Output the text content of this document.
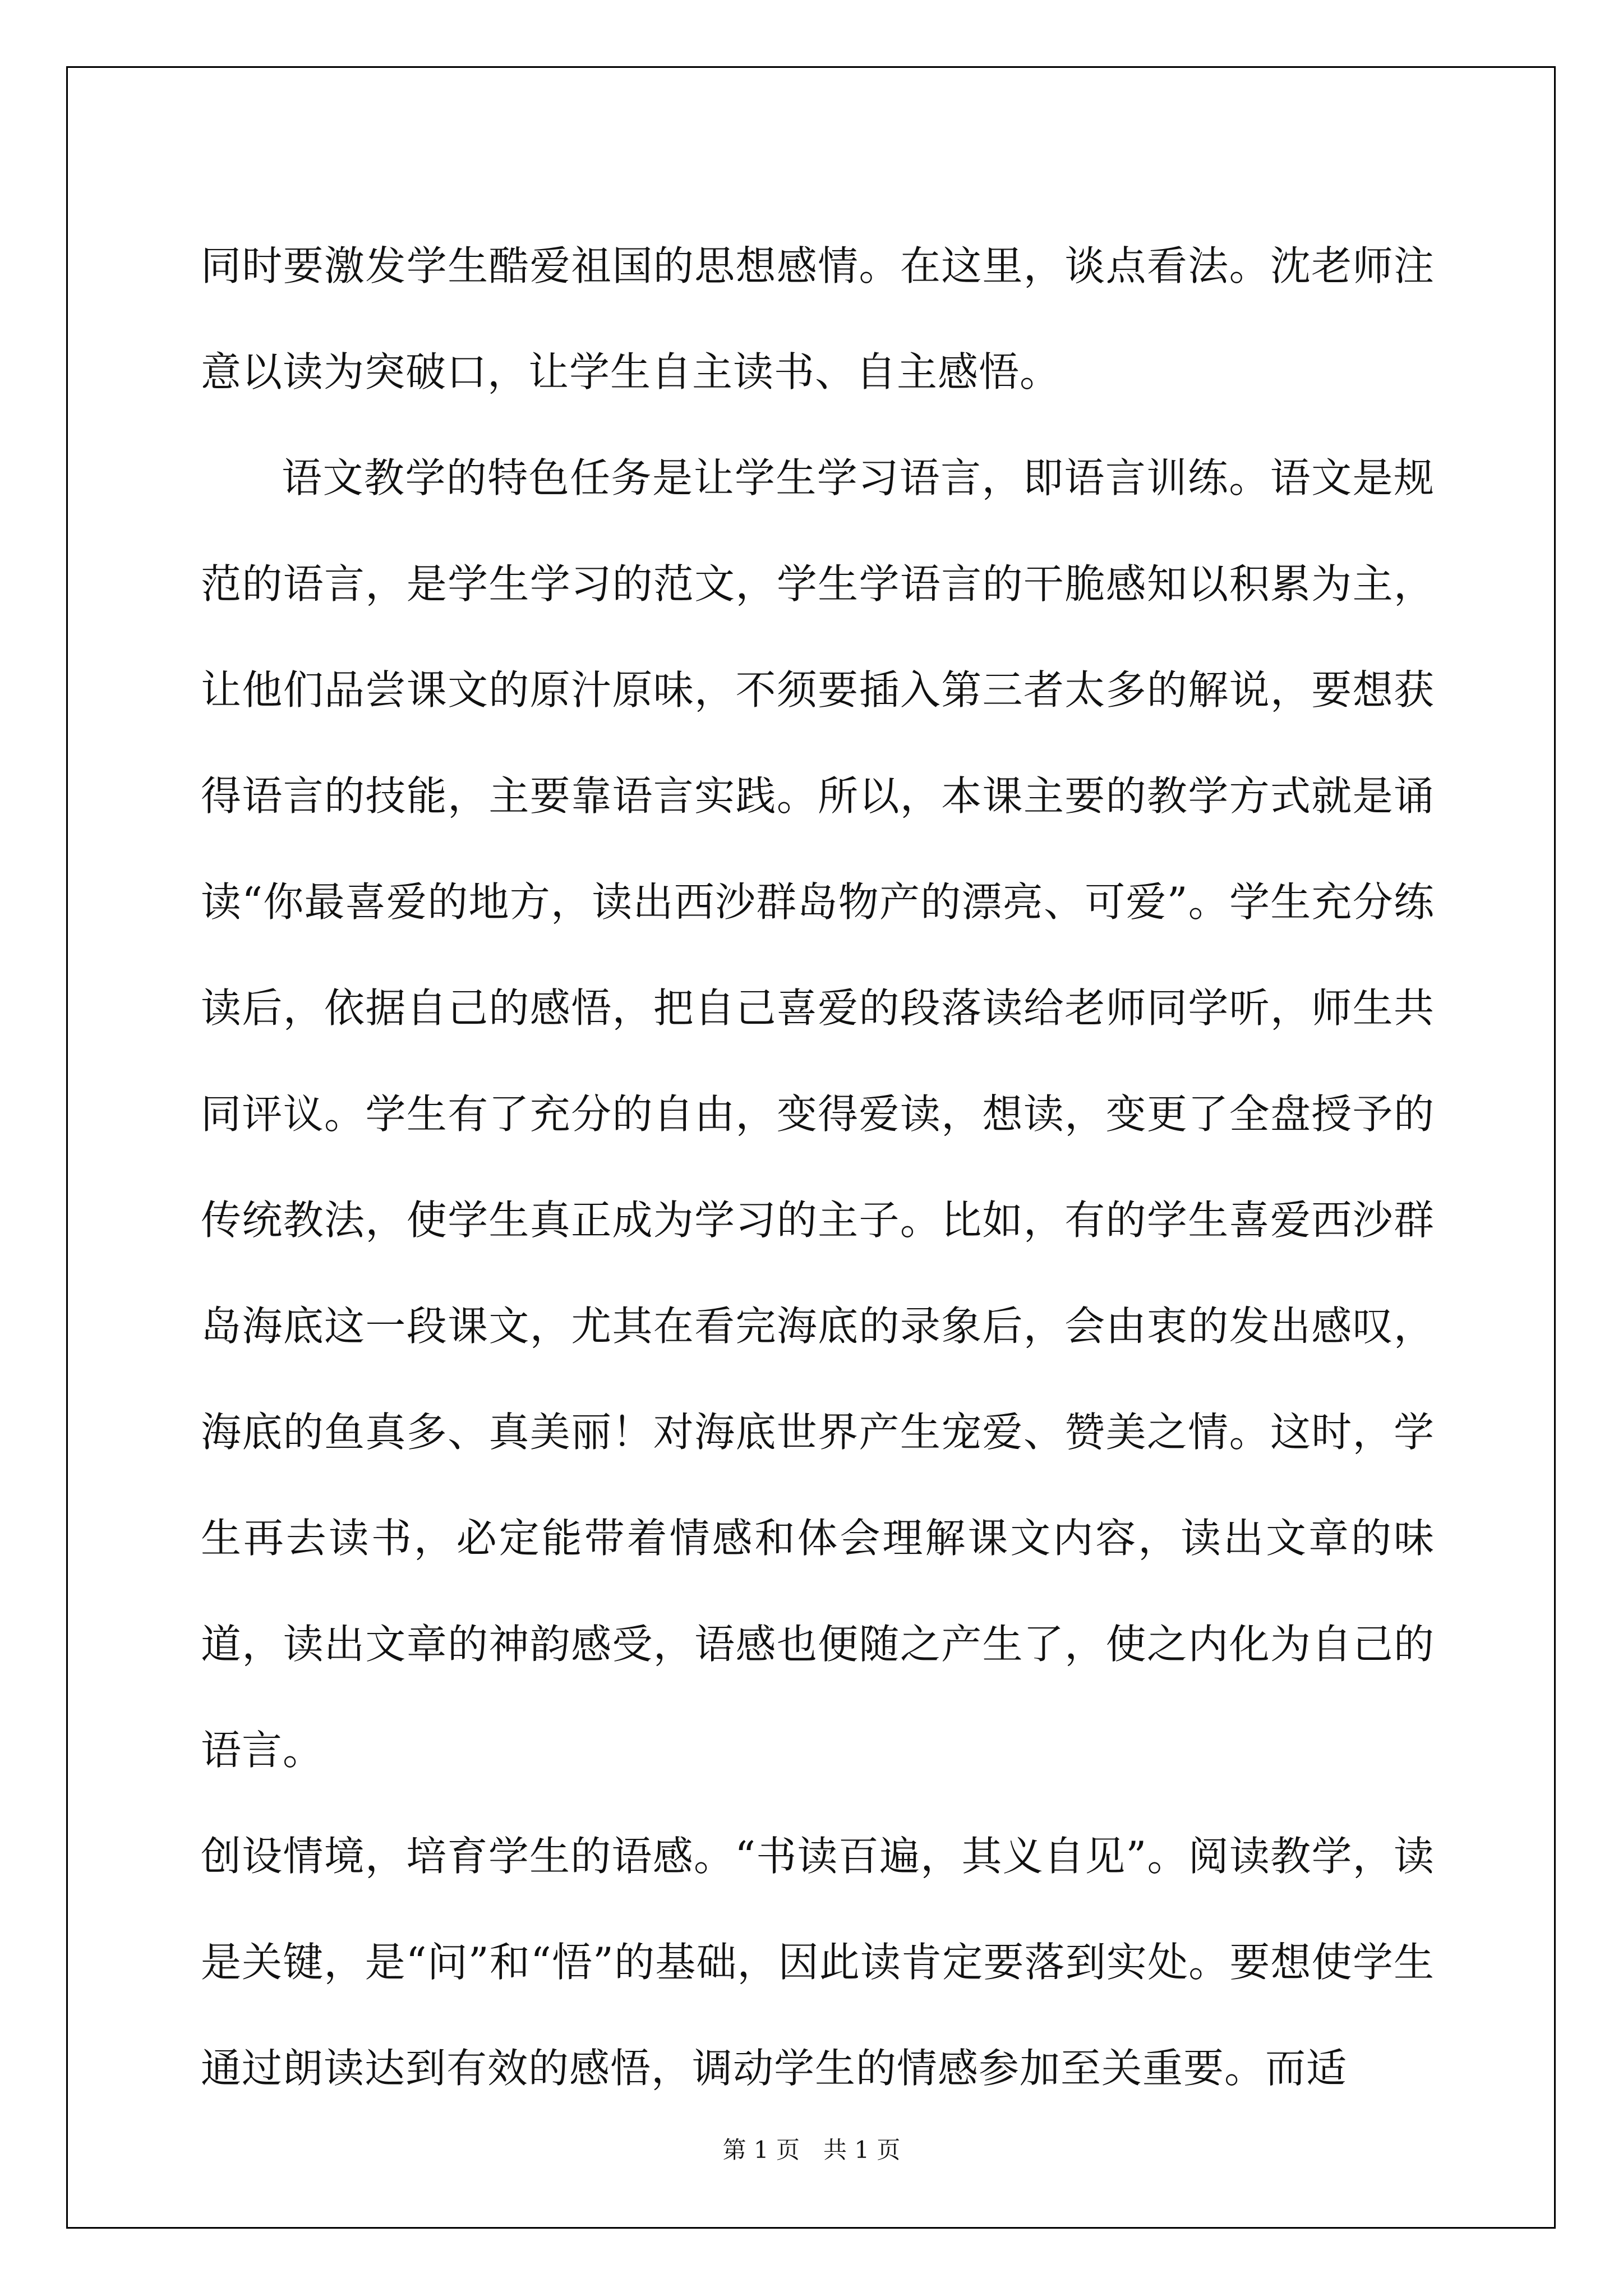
同时要激发学生酷爱祖国的思想感情。在这里，谈点看法。沈老师注意以读为突破口，让学生自主读书、自主感悟。

语文教学的特色任务是让学生学习语言，即语言训练。语文是规范的语言，是学生学习的范文，学生学语言的干脆感知以积累为主，让他们品尝课文的原汁原味，不须要插入第三者太多的解说，要想获得语言的技能，主要靠语言实践。所以，本课主要的教学方式就是诵读“你最喜爱的地方，读出西沙群岛物产的漂亮、可爱”。学生充分练读后，依据自己的感悟，把自己喜爱的段落读给老师同学听，师生共同评议。学生有了充分的自由，变得爱读，想读，变更了全盘授予的传统教法，使学生真正成为学习的主子。比如，有的学生喜爱西沙群岛海底这一段课文，尤其在看完海底的录象后，会由衷的发出感叹，海底的鱼真多、真美丽！对海底世界产生宠爱、赞美之情。这时，学生再去读书，必定能带着情感和体会理解课文内容，读出文章的味道，读出文章的神韵感受，语感也便随之产生了，使之内化为自己的语言。

创设情境，培育学生的语感。“书读百遍，其义自见”。阅读教学，读是关键，是“问”和“悟”的基础，因此读肯定要落到实处。要想使学生通过朗读达到有效的感悟，调动学生的情感参加至关重要。而适

第 1 页　共 1 页
